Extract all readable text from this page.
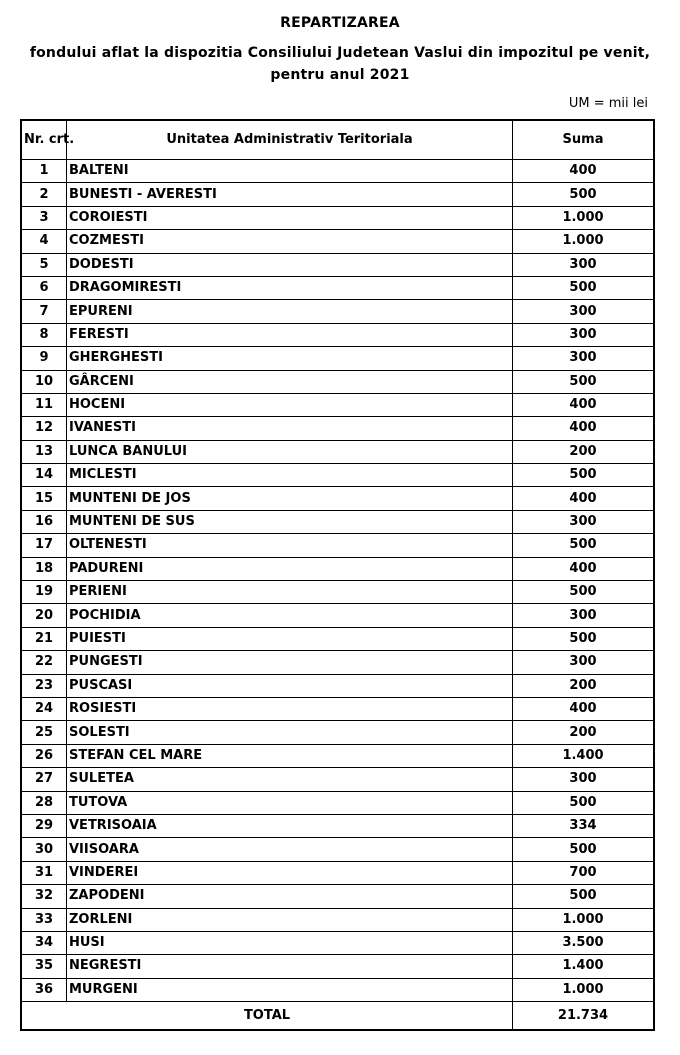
REPARTIZAREA
fondului aflat la dispozitia Consiliului Judetean Vaslui din impozitul pe venit,
pentru anul 2021
UM = mii lei
Nr. crt.	Unitatea Administrativ Teritoriala	Suma
1	BALTENI	400
2	BUNESTI - AVERESTI	500
3	COROIESTI	1.000
4	COZMESTI	1.000
5	DODESTI	300
6	DRAGOMIRESTI	500
7	EPURENI	300
8	FERESTI	300
9	GHERGHESTI	300
10	GÂRCENI	500
11	HOCENI	400
12	IVANESTI	400
13	LUNCA BANULUI	200
14	MICLESTI	500
15	MUNTENI DE JOS	400
16	MUNTENI DE SUS	300
17	OLTENESTI	500
18	PADURENI	400
19	PERIENI	500
20	POCHIDIA	300
21	PUIESTI	500
22	PUNGESTI	300
23	PUSCASI	200
24	ROSIESTI	400
25	SOLESTI	200
26	STEFAN CEL MARE	1.400
27	SULETEA	300
28	TUTOVA	500
29	VETRISOAIA	334
30	VIISOARA	500
31	VINDEREI	700
32	ZAPODENI	500
33	ZORLENI	1.000
34	HUSI	3.500
35	NEGRESTI	1.400
36	MURGENI	1.000
TOTAL		21.734
